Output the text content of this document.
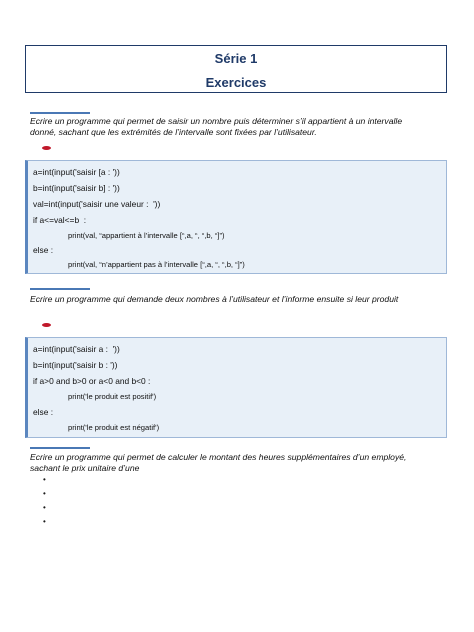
Série 1
Exercices

Ecrire un programme qui permet de saisir un nombre puis déterminer s’il appartient à un intervalle
donné, sachant que les extrémités de l’intervalle sont fixées par l’utilisateur.

a=int(input('saisir [a : '))
b=int(input('saisir b] : '))
val=int(input('saisir une valeur :  '))
if a<=val<=b  :
print(val, “appartient à l’intervalle [“,a, “, “,b, “]”)
else :
print(val, “n’appartient pas à l’intervalle [“,a, “, “,b, “]”)

Ecrire un programme qui demande deux nombres à l’utilisateur et l’informe ensuite si leur produit

a=int(input('saisir a :  '))
b=int(input('saisir b : '))
if a>0 and b>0 or a<0 and b<0 :
print('le produit est positif')
else :
print('le produit est négatif')

Ecrire un programme qui permet de calculer le montant des heures supplémentaires d’un employé,
sachant le prix unitaire d’une
